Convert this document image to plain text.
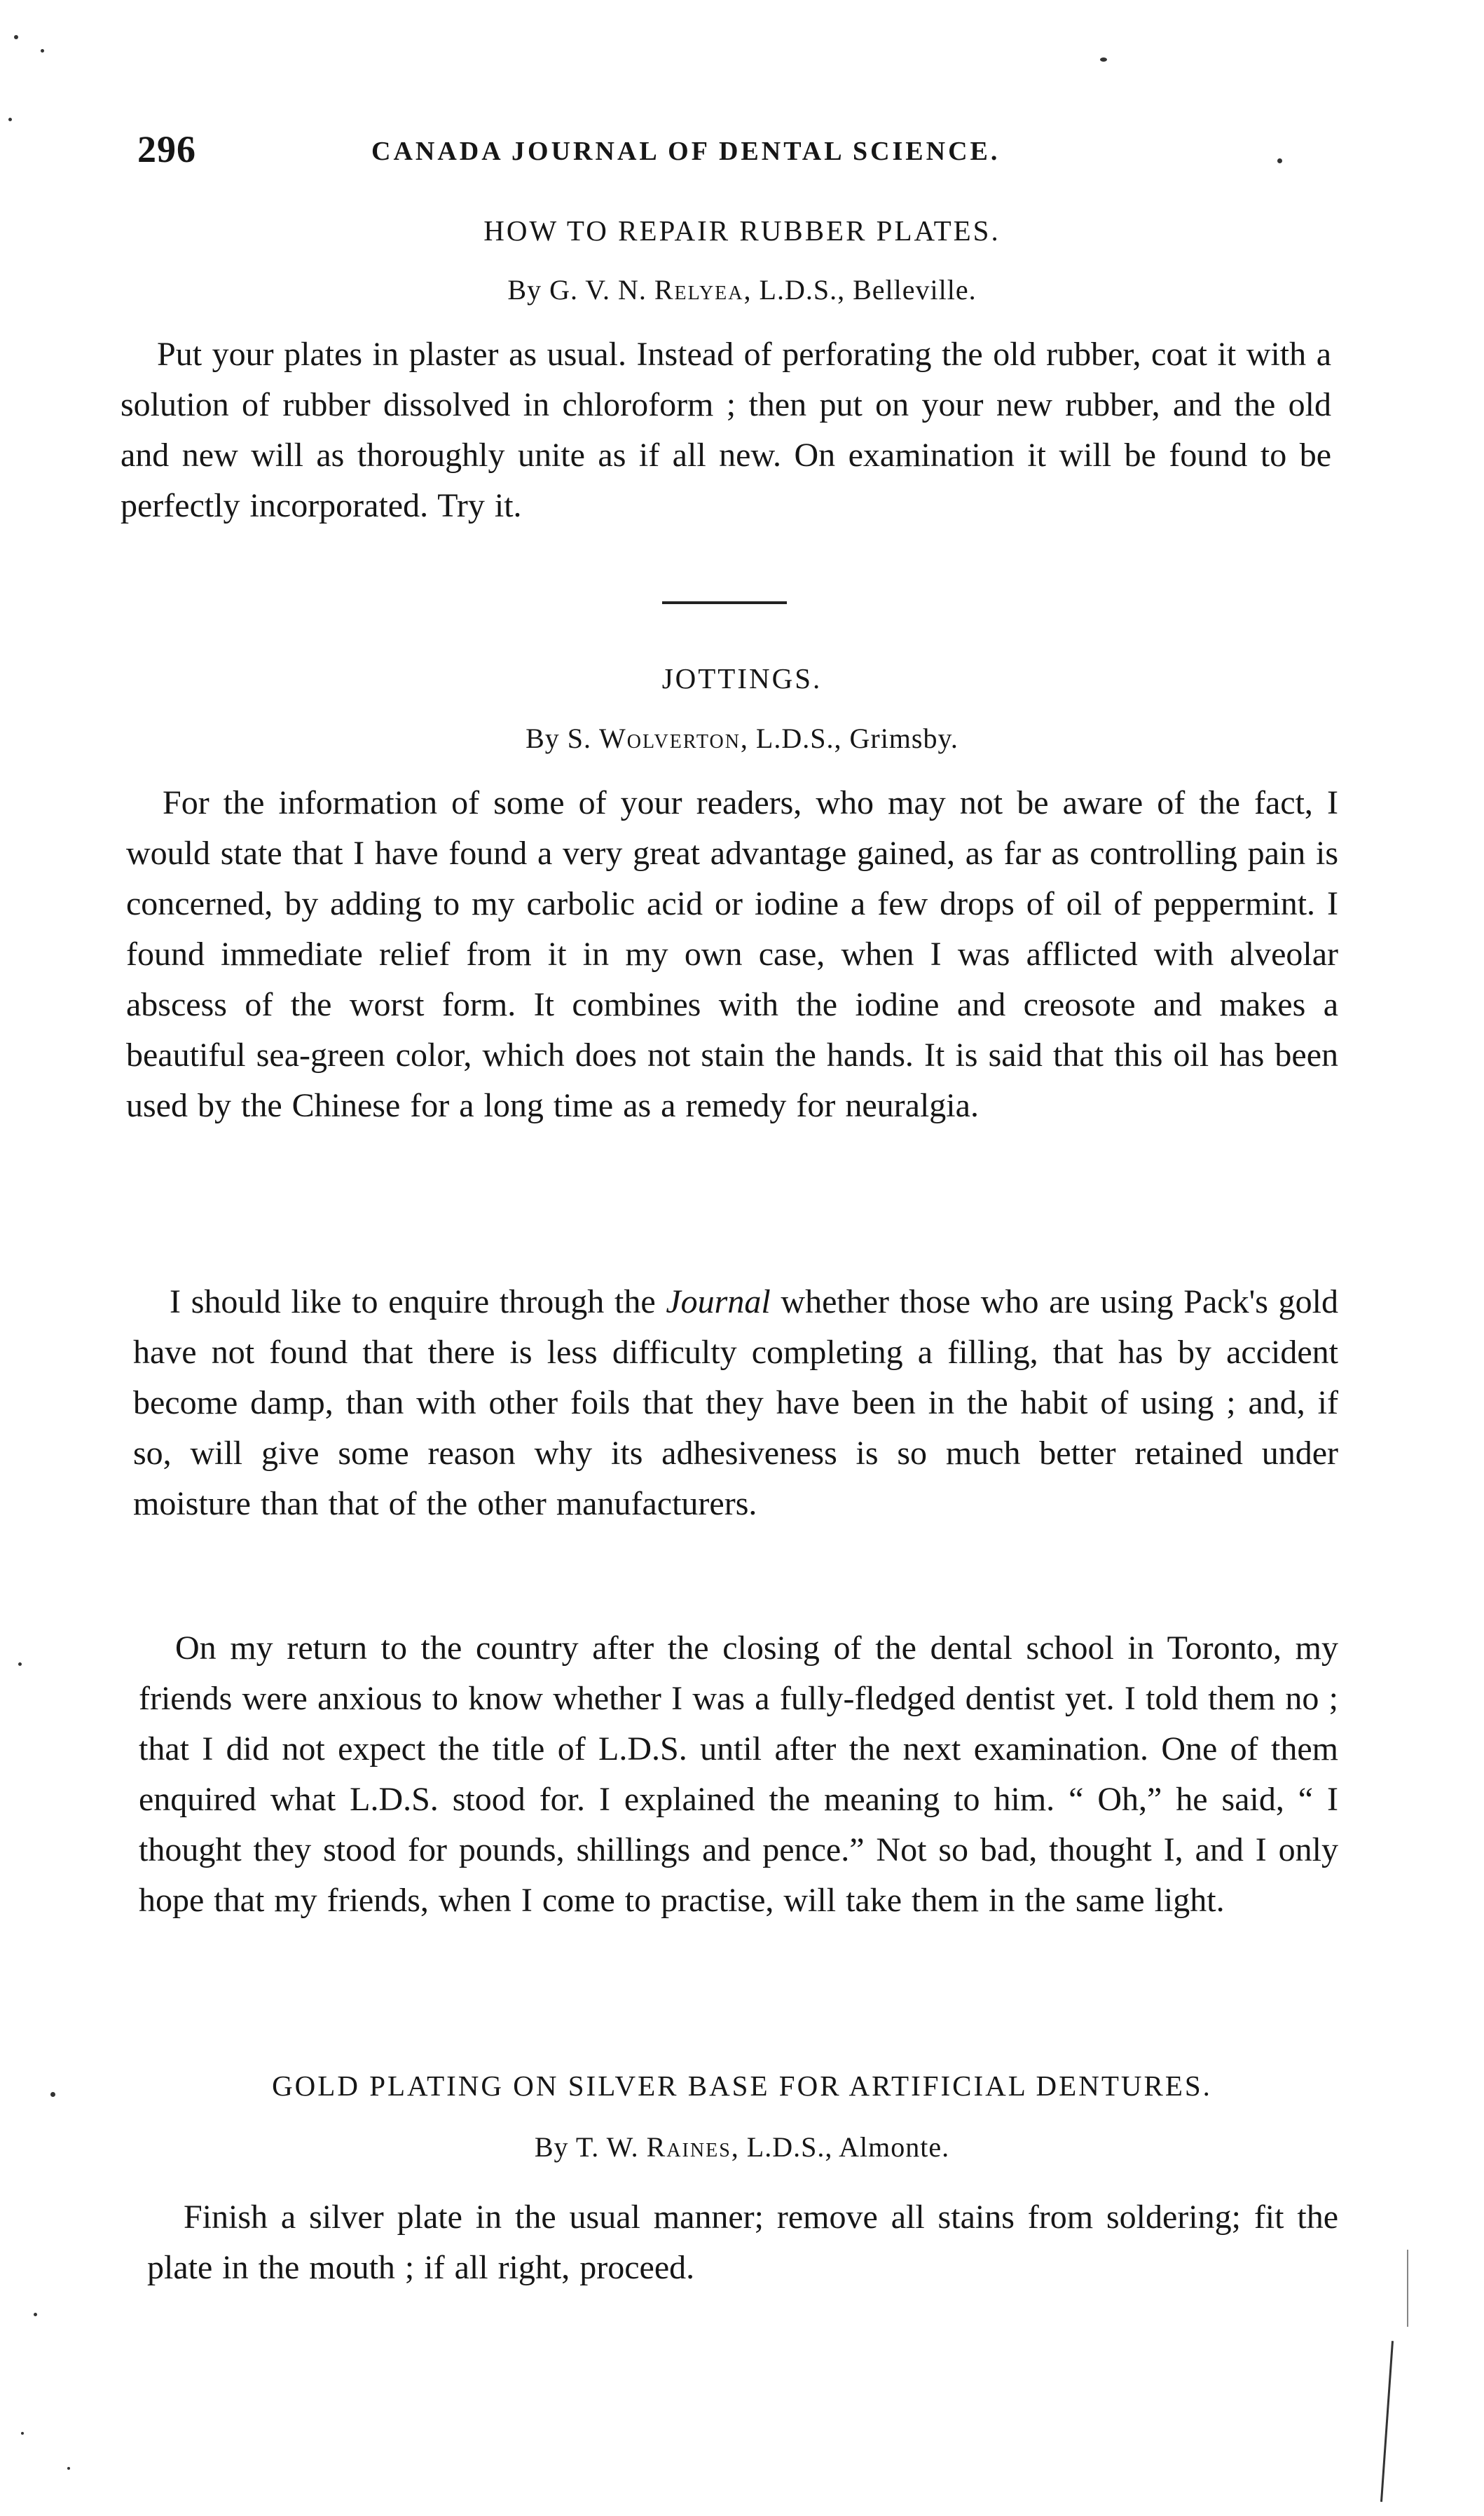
296	CANADA JOURNAL OF DENTAL SCIENCE.
HOW TO REPAIR RUBBER PLATES.
By G. V. N. Relyea, L.D.S., Belleville.
Put your plates in plaster as usual. Instead of perforating the old rubber, coat it with a solution of rubber dissolved in chloroform ; then put on your new rubber, and the old and new will as thoroughly unite as if all new. On examination it will be found to be perfectly incorporated. Try it.
JOTTINGS.
By S. Wolverton, L.D.S., Grimsby.
For the information of some of your readers, who may not be aware of the fact, I would state that I have found a very great advantage gained, as far as controlling pain is concerned, by adding to my carbolic acid or iodine a few drops of oil of peppermint. I found immediate relief from it in my own case, when I was afflicted with alveolar abscess of the worst form. It combines with the iodine and creosote and makes a beautiful sea-green color, which does not stain the hands. It is said that this oil has been used by the Chinese for a long time as a remedy for neuralgia.
I should like to enquire through the Journal whether those who are using Pack's gold have not found that there is less difficulty completing a filling, that has by accident become damp, than with other foils that they have been in the habit of using ; and, if so, will give some reason why its adhesiveness is so much better retained under moisture than that of the other manufacturers.
On my return to the country after the closing of the dental school in Toronto, my friends were anxious to know whether I was a fully-fledged dentist yet. I told them no ; that I did not expect the title of L.D.S. until after the next examination. One of them enquired what L.D.S. stood for. I explained the meaning to him. “ Oh,” he said, “ I thought they stood for pounds, shillings and pence.” Not so bad, thought I, and I only hope that my friends, when I come to practise, will take them in the same light.
GOLD PLATING ON SILVER BASE FOR ARTIFICIAL DENTURES.
By T. W. Raines, L.D.S., Almonte.
Finish a silver plate in the usual manner; remove all stains from soldering; fit the plate in the mouth ; if all right, proceed.
